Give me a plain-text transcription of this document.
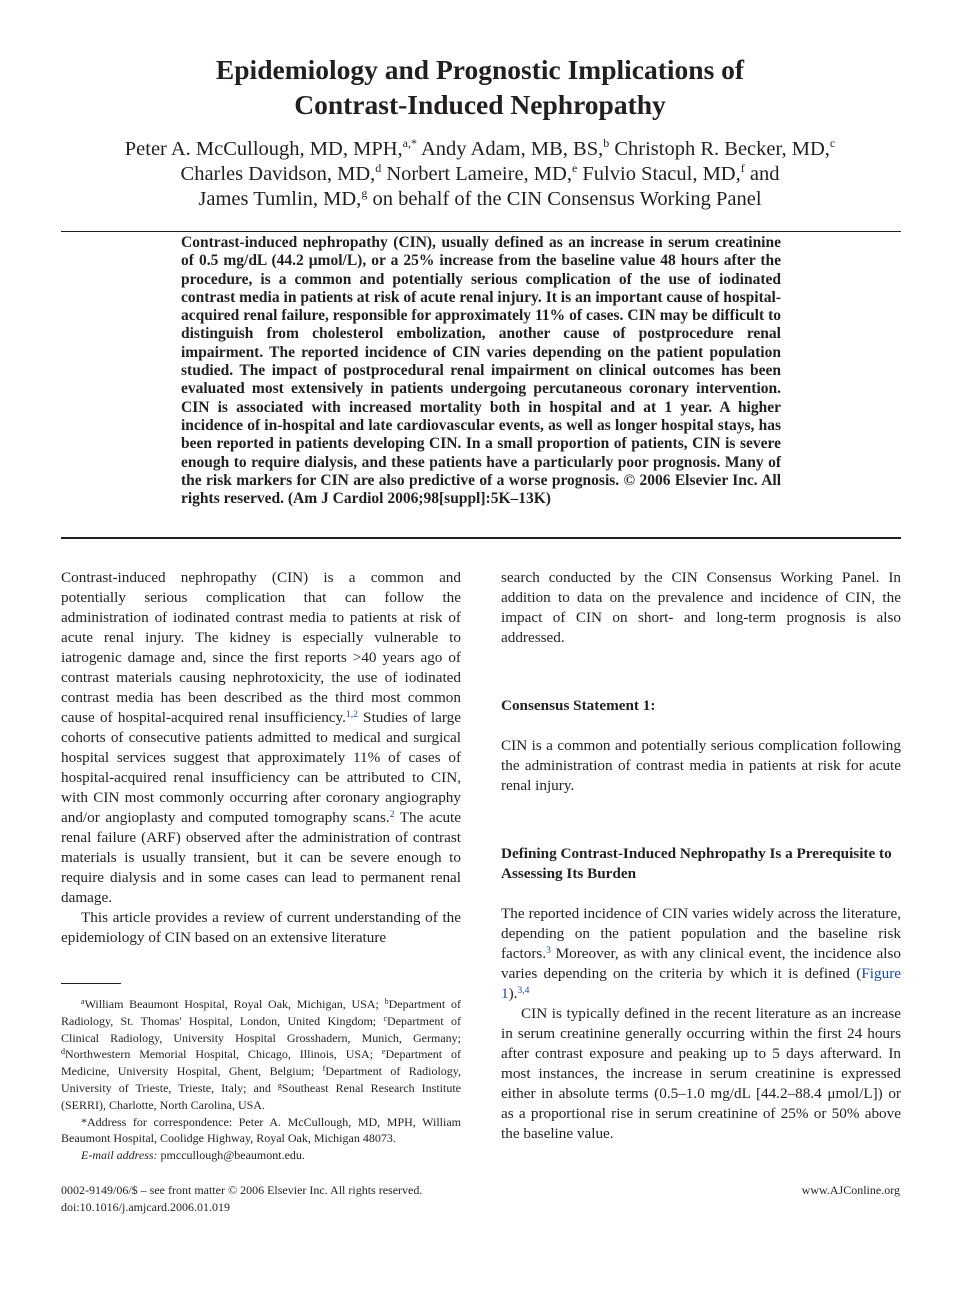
Epidemiology and Prognostic Implications of
Contrast-Induced Nephropathy
Peter A. McCullough, MD, MPH,$^{a,*}$ Andy Adam, MB, BS,$^b$ Christoph R. Becker, MD,$^c$
Charles Davidson, MD,$^d$ Norbert Lameire, MD,$^e$ Fulvio Stacul, MD,$^f$ and
James Tumlin, MD,$^g$ on behalf of the CIN Consensus Working Panel
Contrast-induced nephropathy (CIN), usually defined as an increase in serum creatinine of 0.5 mg/dL (44.2 μmol/L), or a 25% increase from the baseline value 48 hours after the procedure, is a common and potentially serious complication of the use of iodinated contrast media in patients at risk of acute renal injury. It is an important cause of hospital-acquired renal failure, responsible for approximately 11% of cases. CIN may be difficult to distinguish from cholesterol embolization, another cause of postprocedure renal impairment. The reported incidence of CIN varies depending on the patient population studied. The impact of postprocedural renal impairment on clinical outcomes has been evaluated most extensively in patients undergoing percutaneous coronary intervention. CIN is associated with increased mortality both in hospital and at 1 year. A higher incidence of in-hospital and late cardiovascular events, as well as longer hospital stays, has been reported in patients developing CIN. In a small proportion of patients, CIN is severe enough to require dialysis, and these patients have a particularly poor prognosis. Many of the risk markers for CIN are also predictive of a worse prognosis. © 2006 Elsevier Inc. All rights reserved. (Am J Cardiol 2006;98[suppl]:5K–13K)

Contrast-induced nephropathy (CIN) is a common and potentially serious complication that can follow the administration of iodinated contrast media to patients at risk of acute renal injury. The kidney is especially vulnerable to iatrogenic damage and, since the first reports >40 years ago of contrast materials causing nephrotoxicity, the use of iodinated contrast media has been described as the third most common cause of hospital-acquired renal insufficiency.$^{1,2}$ Studies of large cohorts of consecutive patients admitted to medical and surgical hospital services suggest that approximately 11% of cases of hospital-acquired renal insufficiency can be attributed to CIN, with CIN most commonly occurring after coronary angiography and/or angioplasty and computed tomography scans.$^2$ The acute renal failure (ARF) observed after the administration of contrast materials is usually transient, but it can be severe enough to require dialysis and in some cases can lead to permanent renal damage.

This article provides a review of current understanding of the epidemiology of CIN based on an extensive literature

$^a$William Beaumont Hospital, Royal Oak, Michigan, USA; $^b$Department of Radiology, St. Thomas' Hospital, London, United Kingdom; $^c$Department of Clinical Radiology, University Hospital Grosshadern, Munich, Germany; $^d$Northwestern Memorial Hospital, Chicago, Illinois, USA; $^e$Department of Medicine, University Hospital, Ghent, Belgium; $^f$Department of Radiology, University of Trieste, Trieste, Italy; and $^g$Southeast Renal Research Institute (SERRI), Charlotte, North Carolina, USA.

*Address for correspondence: Peter A. McCullough, MD, MPH, William Beaumont Hospital, Coolidge Highway, Royal Oak, Michigan 48073.

E-mail address: pmccullough@beaumont.edu.

search conducted by the CIN Consensus Working Panel. In addition to data on the prevalence and incidence of CIN, the impact of CIN on short- and long-term prognosis is also addressed.

Consensus Statement 1:

CIN is a common and potentially serious complication following the administration of contrast media in patients at risk for acute renal injury.

Defining Contrast-Induced Nephropathy Is a Prerequisite to Assessing Its Burden

The reported incidence of CIN varies widely across the literature, depending on the patient population and the baseline risk factors.$^3$ Moreover, as with any clinical event, the incidence also varies depending on the criteria by which it is defined (Figure 1).$^{3,4}$

CIN is typically defined in the recent literature as an increase in serum creatinine generally occurring within the first 24 hours after contrast exposure and peaking up to 5 days afterward. In most instances, the increase in serum creatinine is expressed either in absolute terms (0.5–1.0 mg/dL [44.2–88.4 μmol/L]) or as a proportional rise in serum creatinine of 25% or 50% above the baseline value.

0002-9149/06/$ – see front matter © 2006 Elsevier Inc. All rights reserved.
doi:10.1016/j.amjcard.2006.01.019
www.AJConline.org
